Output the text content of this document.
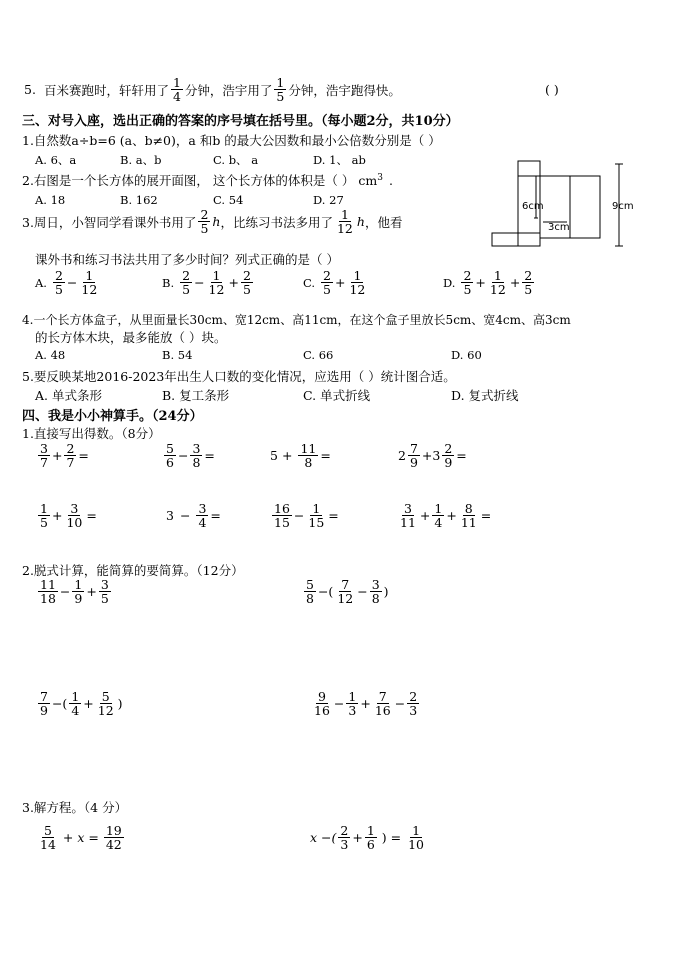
5. 百米赛跑时，轩轩用了 $\frac{1}{4}$ 分钟，浩宇用了 $\frac{1}{5}$ 分钟，浩宇跑得快。	( )
三、对号入座，选出正确的答案的序号填在括号里。（每小题2分，共10分）
1.自然数a÷b=6 (a、b≠0)，a 和b 的最大公因数和最小公倍数分别是（ ）
A. 6、a	B. a、b	C. b、 a	D. 1、 ab
2.右图是一个长方体的展开面图， 这个长方体的体积是（ ） $cm^3$ .
A. 18	B. 162	C. 54	D. 27	6cm	9cm
3cm
3.周日，小智同学看课外书用了 $\frac{2}{5}$ h ，比练习书法多用了 $\frac{1}{12}$ h ，他看
课外书和练习书法共用了多少时间？列式正确的是（ ）
A. $\frac{2}{5} - \frac{1}{12}$	B. $\frac{2}{5} - \frac{1}{12} + \frac{2}{5}$	C. $\frac{2}{5} + \frac{1}{12}$	D. $\frac{2}{5} + \frac{1}{12} + \frac{2}{5}$
4.一个长方体盒子，从里面量长30cm、宽12cm、高11cm，在这个盒子里放长5cm、宽4cm、高3cm
的长方体木块，最多能放（ ）块。
A. 48	B. 54	C. 66	D. 60
5.要反映某地2016-2023年出生人口数的变化情况，应选用（ ）统计图合适。
A. 单式条形	B. 复工条形	C. 单式折线	D. 复式折线
四、我是小小神算手。（24分）
1.直接写出得数。（8分）
$\frac{3}{7} + \frac{2}{7}$ =	$\frac{5}{6} - \frac{3}{8}$ =	$5 + \frac{11}{8}$ =	$2 \frac{7}{9} + 3 \frac{2}{9}$ =
$\frac{1}{5} + \frac{3}{10}$ =	$3 - \frac{3}{4}$ =	$\frac{16}{15} - \frac{1}{15}$ =	$\frac{3}{11} + \frac{1}{4} + \frac{8}{11}$ =
2.脱式计算，能简算的要简算。（12分）
$\frac{11}{18} - \frac{1}{9} + \frac{3}{5}$	$\frac{5}{8}$ −( $\frac{7}{12} - \frac{3}{8}$ )
$\frac{7}{9}$ −( $\frac{1}{4} + \frac{5}{12}$ )	$\frac{9}{16} - \frac{1}{3} + \frac{7}{16} - \frac{2}{3}$
3.解方程。（4 分）
$\frac{5}{14} + x = \frac{19}{42}$	x −( $\frac{2}{3} + \frac{1}{6}$ ) = $\frac{1}{10}$
